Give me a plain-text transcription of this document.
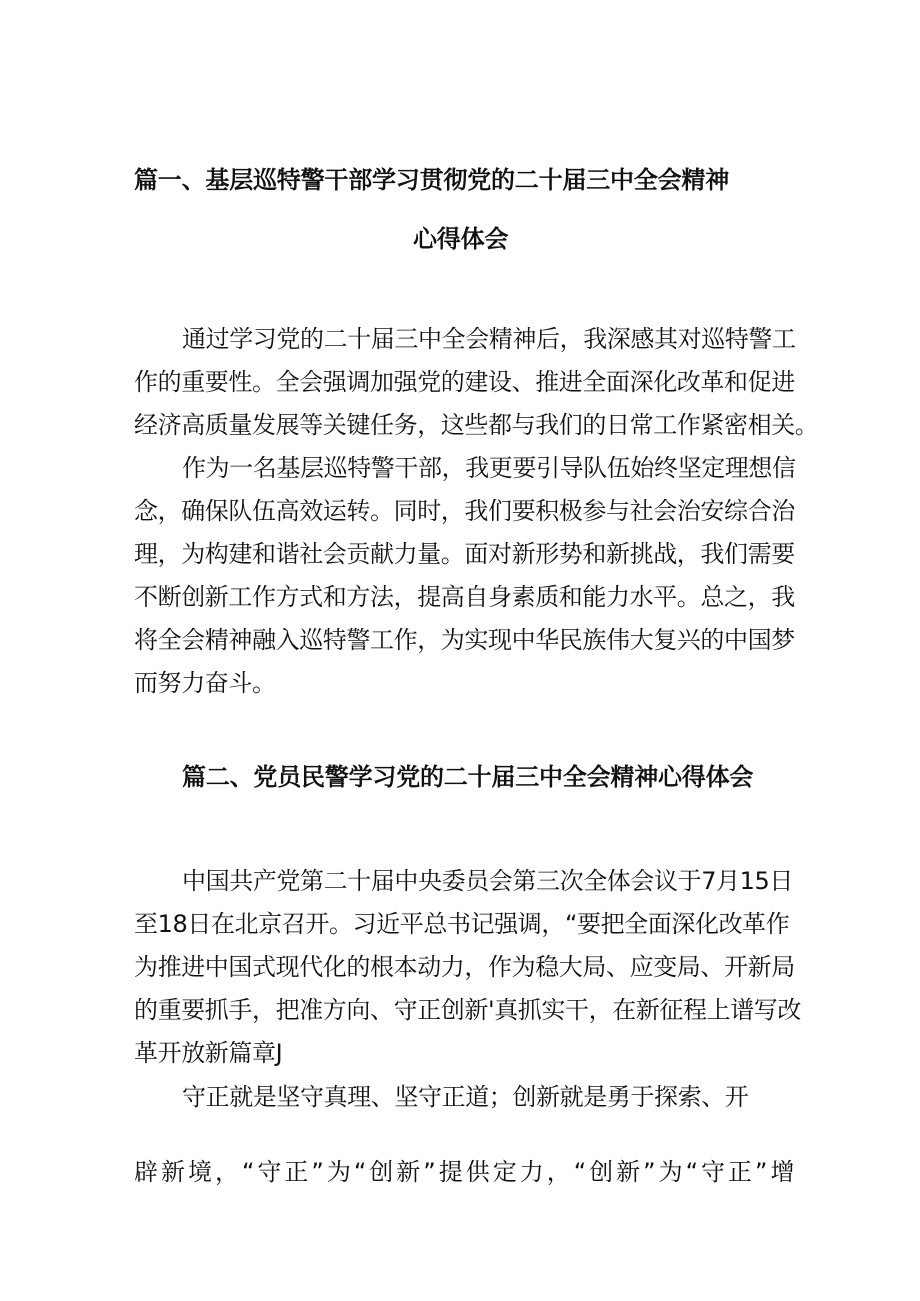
篇一、基层巡特警干部学习贯彻党的二十届三中全会精神
心得体会
通过学习党的二十届三中全会精神后，我深感其对巡特警工
作的重要性。全会强调加强党的建设、推进全面深化改革和促进
经济高质量发展等关键任务，这些都与我们的日常工作紧密相关。
作为一名基层巡特警干部，我更要引导队伍始终坚定理想信
念，确保队伍高效运转。同时，我们要积极参与社会治安综合治
理，为构建和谐社会贡献力量。面对新形势和新挑战，我们需要
不断创新工作方式和方法，提高自身素质和能力水平。总之，我
将全会精神融入巡特警工作，为实现中华民族伟大复兴的中国梦
而努力奋斗。
篇二、党员民警学习党的二十届三中全会精神心得体会
中国共产党第二十届中央委员会第三次全体会议于7月15日
至18日在北京召开。习近平总书记强调，“要把全面深化改革作
为推进中国式现代化的根本动力，作为稳大局、应变局、开新局
的重要抓手，把准方向、守正创新'真抓实干，在新征程上谱写改
革开放新篇章J
守正就是坚守真理、坚守正道；创新就是勇于探索、开
辟新境，“守正”为“创新”提供定力，“创新”为“守正”增
